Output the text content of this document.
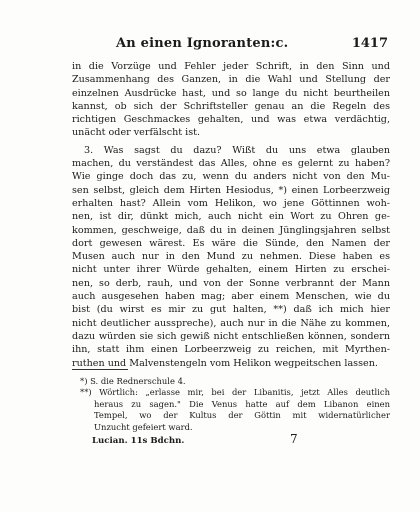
An einen Ignoranten:c.	1417
in die Vorzüge und Fehler jeder Schrift, in den Sinn und
Zusammenhang des Ganzen, in die Wahl und Stellung der
einzelnen Ausdrücke hast, und so lange du nicht beurtheilen
kannst, ob sich der Schriftsteller genau an die Regeln des
richtigen Geschmackes gehalten, und was etwa verdächtig,
unächt oder verfälscht ist.
3. Was sagst du dazu? Wißt du uns etwa glauben
machen, du verständest das Alles, ohne es gelernt zu haben?
Wie ginge doch das zu, wenn du anders nicht von den Mu-
sen selbst, gleich dem Hirten Hesiodus, *) einen Lorbeerzweig
erhalten hast? Allein vom Helikon, wo jene Göttinnen woh-
nen, ist dir, dünkt mich, auch nicht ein Wort zu Ohren ge-
kommen, geschweige, daß du in deinen Jünglingsjahren selbst
dort gewesen wärest. Es wäre die Sünde, den Namen der
Musen auch nur in den Mund zu nehmen. Diese haben es
nicht unter ihrer Würde gehalten, einem Hirten zu erschei-
nen, so derb, rauh, und von der Sonne verbrannt der Mann
auch ausgesehen haben mag; aber einem Menschen, wie du
bist (du wirst es mir zu gut halten, **) daß ich mich hier
nicht deutlicher ausspreche), auch nur in die Nähe zu kommen,
dazu würden sie sich gewiß nicht entschließen können, sondern
ihn, statt ihm einen Lorbeerzweig zu reichen, mit Myrthen-
ruthen und Malvenstengeln vom Helikon wegpeitschen lassen.
*) S. die Rednerschule 4.
**) Wörtlich: „erlasse mir, bei der Libanitis, jetzt Alles deutlich
heraus zu sagen." Die Venus hatte auf dem Libanon einen
Tempel, wo der Kultus der Göttin mit widernatürlicher
Unzucht gefeiert ward.
Lucian. 11s Bdchn.	7
